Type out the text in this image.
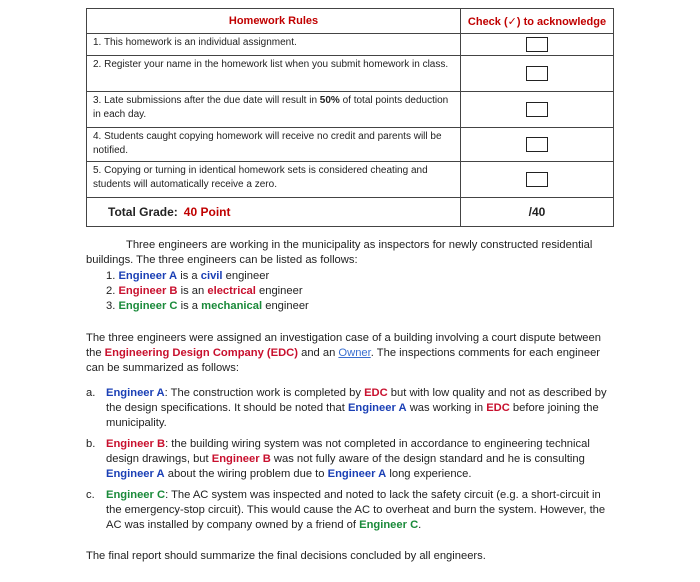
Homework Rules	Check (✓) to acknowledge
1. This homework is an individual assignment.	
2. Register your name in the homework list when you submit homework in class.	
3. Late submissions after the due date will result in 50% of total points deduction in each day.	
4. Students caught copying homework will receive no credit and parents will be notified.	
5. Copying or turning in identical homework sets is considered cheating and students will automatically receive a zero.	
Total Grade: 40 Point	/40
Three engineers are working in the municipality as inspectors for newly constructed residential buildings. The three engineers can be listed as follows:
1. Engineer A is a civil engineer
2. Engineer B is an electrical engineer
3. Engineer C is a mechanical engineer
The three engineers were assigned an investigation case of a building involving a court dispute between the Engineering Design Company (EDC) and an Owner. The inspections comments for each engineer can be summarized as follows:
a. Engineer A: The construction work is completed by EDC but with low quality and not as described by the design specifications. It should be noted that Engineer A was working in EDC before joining the municipality.
b. Engineer B: the building wiring system was not completed in accordance to engineering technical design drawings, but Engineer B was not fully aware of the design standard and he is consulting Engineer A about the wiring problem due to Engineer A long experience.
c. Engineer C: The AC system was inspected and noted to lack the safety circuit (e.g. a short-circuit in the emergency-stop circuit). This would cause the AC to overheat and burn the system. However, the AC was installed by company owned by a friend of Engineer C.
The final report should summarize the final decisions concluded by all engineers.
